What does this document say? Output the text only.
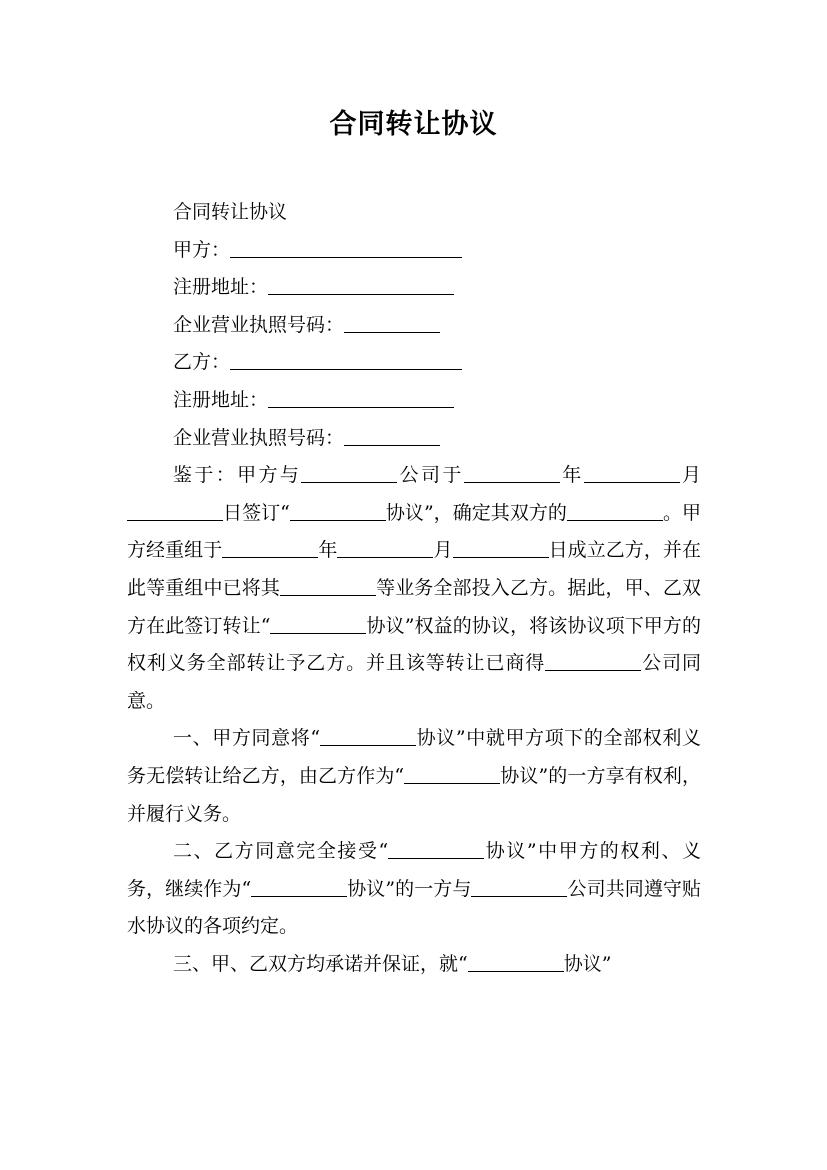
合同转让协议

合同转让协议

甲方：

注册地址：

企业营业执照号码：

乙方：

注册地址：

企业营业执照号码：

鉴于：甲方与	公司于	年	月日签订“	协议”，确定其双方的	。甲方经重组于	年	月	日成立乙方，并在此等重组中已将其	等业务全部投入乙方。据此，甲、乙双方在此签订转让“	协议”权益的协议，将该协议项下甲方的权利义务全部转让予乙方。并且该等转让已商得	公司同意。

一、甲方同意将“	协议”中就甲方项下的全部权利义务无偿转让给乙方，由乙方作为“	协议”的一方享有权利，并履行义务。

二、乙方同意完全接受“	协议”中甲方的权利、义务，继续作为“	协议”的一方与	公司共同遵守贴水协议的各项约定。

三、甲、乙双方均承诺并保证，就“	协议”
